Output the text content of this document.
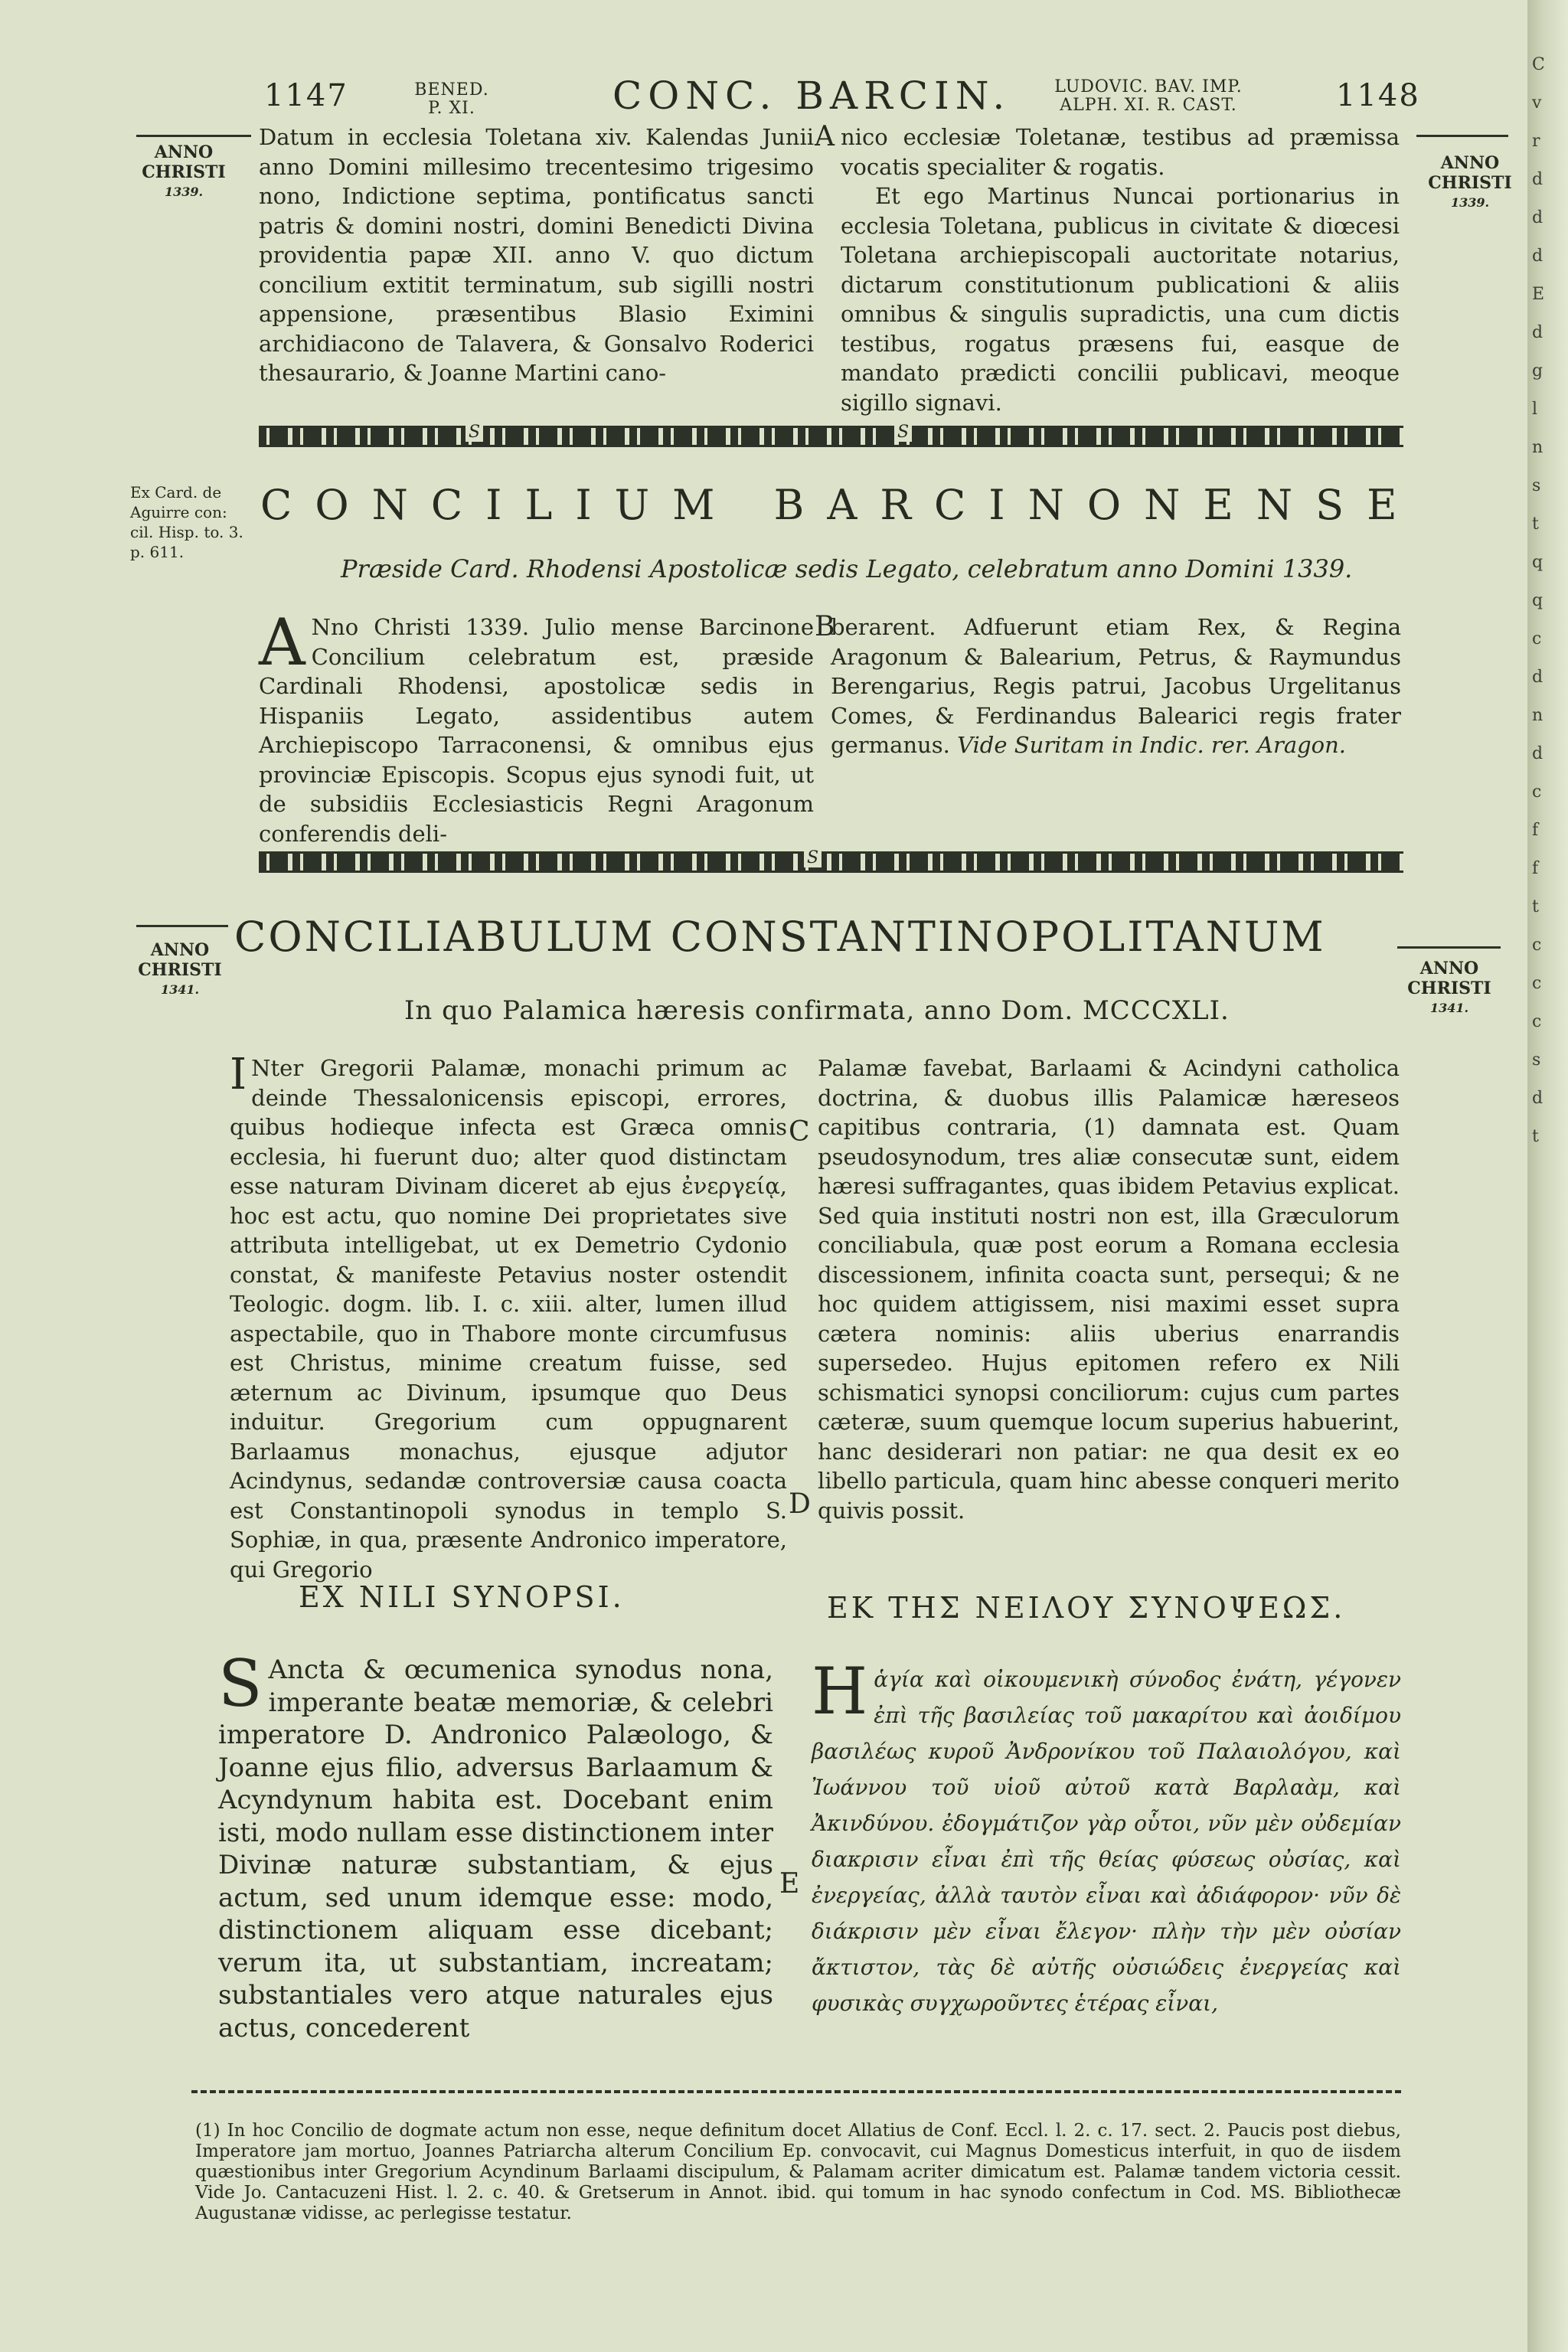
1147	BENED.
P. XI.	CONC. BARCIN.	LUDOVIC. BAV. IMP.
ALPH. XI. R. CAST.	1148
ANNO
CHRISTI
1339.
ANNO
CHRISTI
1339.

Datum in ecclesia Toletana xiv. Kalendas Junii anno Domini millesimo trecentesimo trigesimo nono, Indictione septima, pontificatus sancti patris & domini nostri, domini Benedicti Divina providentia papæ XII. anno V. quo dictum concilium extitit terminatum, sub sigilli nostri appensione, præsentibus Blasio Eximini archidiacono de Talavera, & Gonsalvo Roderici thesaurario, & Joanne Martini cano-

A nico ecclesiæ Toletanæ, testibus ad præmissa vocatis specialiter & rogatis.

Et ego Martinus Nuncai portionarius in ecclesia Toletana, publicus in civitate & diœcesi Toletana archiepiscopali auctoritate notarius, dictarum constitutionum publicationi & aliis omnibus & singulis supradictis, una cum dictis testibus, rogatus præsens fui, easque de mandato prædicti concilii publicavi, meoque sigillo signavi.

S	S
Ex Card. de Aguirre con: cil. Hisp. to. 3. p. 611.
CONCILIUM BARCINONENSE
Præside Card. Rhodensi Apostolicæ sedis Legato, celebratum anno Domini 1339.
A Nno Christi 1339. Julio mense Barcinone Concilium celebratum est, præside Cardinali Rhodensi, apostolicæ sedis in Hispaniis Legato, assidentibus autem Archiepiscopo Tarraconensi, & omnibus ejus provinciæ Episcopis. Scopus ejus synodi fuit, ut de subsidiis Ecclesiasticis Regni Aragonum conferendis deli-
B
berarent. Adfuerunt etiam Rex, & Regina Aragonum & Balearium, Petrus, & Raymundus Berengarius, Regis patrui, Jacobus Urgelitanus Comes, & Ferdinandus Balearici regis frater germanus. Vide Suritam in Indic. rer. Aragon.
S
ANNO
CHRISTI
1341.
CONCILIABULUM CONSTANTINOPOLITANUM
ANNO
CHRISTI
1341.
In quo Palamica hæresis confirmata, anno Dom. MCCCXLI.
I Nter Gregorii Palamæ, monachi primum ac deinde Thessalonicensis episcopi, errores, quibus hodieque infecta est Græca omnis ecclesia, hi fuerunt duo; alter quod distinctam esse naturam Divinam diceret ab ejus ἐνεργείᾳ, hoc est actu, quo nomine Dei proprietates sive attributa intelligebat, ut ex Demetrio Cydonio constat, & manifeste Petavius noster ostendit Teologic. dogm. lib. I. c. xiii. alter, lumen illud aspectabile, quo in Thabore monte circumfusus est Christus, minime creatum fuisse, sed æternum ac Divinum, ipsumque quo Deus induitur. Gregorium cum oppugnarent Barlaamus monachus, ejusque adjutor Acindynus, sedandæ controversiæ causa coacta est Constantinopoli synodus in templo S. Sophiæ, in qua, præsente Andronico imperatore, qui Gregorio
C
D
Palamæ favebat, Barlaami & Acindyni catholica doctrina, & duobus illis Palamicæ hæreseos capitibus contraria, (1) damnata est. Quam pseudosynodum, tres aliæ consecutæ sunt, eidem hæresi suffragantes, quas ibidem Petavius explicat. Sed quia instituti nostri non est, illa Græculorum conciliabula, quæ post eorum a Romana ecclesia discessionem, infinita coacta sunt, persequi; & ne hoc quidem attigissem, nisi maximi esset supra cætera nominis: aliis uberius enarrandis supersedeo. Hujus epitomen refero ex Nili schismatici synopsi conciliorum: cujus cum partes cæteræ, suum quemque locum superius habuerint, hanc desiderari non patiar: ne qua desit ex eo libello particula, quam hinc abesse conqueri merito quivis possit.
EX NILI SYNOPSI.	ΕΚ ΤΗΣ ΝΕΙΛΟΥ ΣΥΝΟΨΕΩΣ.
S Ancta & œcumenica synodus nona, imperante beatæ memoriæ, & celebri imperatore D. Andronico Palæologo, & Joanne ejus filio, adversus Barlaamum & Acyndynum habita est. Docebant enim isti, modo nullam esse distinctionem inter Divinæ naturæ substantiam, & ejus actum, sed unum idemque esse: modo, distinctionem aliquam esse dicebant; verum ita, ut substantiam, increatam; substantiales vero atque naturales ejus actus, concederent
E
Η ἁγία καὶ οἰκουμενικὴ σύνοδος ἐνάτη, γέγονεν ἐπὶ τῆς βασιλείας τοῦ μακαρίτου καὶ ἀοιδίμου βασιλέως κυροῦ Ἀνδρονίκου τοῦ Παλαιολόγου, καὶ Ἰωάννου τοῦ υἱοῦ αὐτοῦ κατὰ Βαρλαὰμ, καὶ Ἀκινδύνου. ἐδογμάτιζον γὰρ οὗτοι, νῦν μὲν οὐδεμίαν διακρισιν εἶναι ἐπὶ τῆς θείας φύσεως οὐσίας, καὶ ἐνεργείας, ἀλλὰ ταυτὸν εἶναι καὶ ἀδιάφορον· νῦν δὲ διάκρισιν μὲν εἶναι ἔλεγον· πλὴν τὴν μὲν οὐσίαν ἄκτιστον, τὰς δὲ αὐτῆς οὐσιώδεις ἐνεργείας καὶ φυσικὰς συγχωροῦντες ἑτέρας εἶναι,
(1) In hoc Concilio de dogmate actum non esse, neque definitum docet Allatius de Conf. Eccl. l. 2. c. 17. sect. 2. Paucis post diebus, Imperatore jam mortuo, Joannes Patriarcha alterum Concilium Ep. convocavit, cui Magnus Domesticus interfuit, in quo de iisdem quæstionibus inter Gregorium Acyndinum Barlaami discipulum, & Palamam acriter dimicatum est. Palamæ tandem victoria cessit. Vide Jo. Cantacuzeni Hist. l. 2. c. 40. & Gretserum in Annot. ibid. qui tomum in hac synodo confectum in Cod. MS. Bibliothecæ Augustanæ vidisse, ac perlegisse testatur.
C
v
r
d
d
d
E
d
g
l
n
s
t
q
q
c
d
n
d
c
f
f
t
c
c
c
s
d
t
